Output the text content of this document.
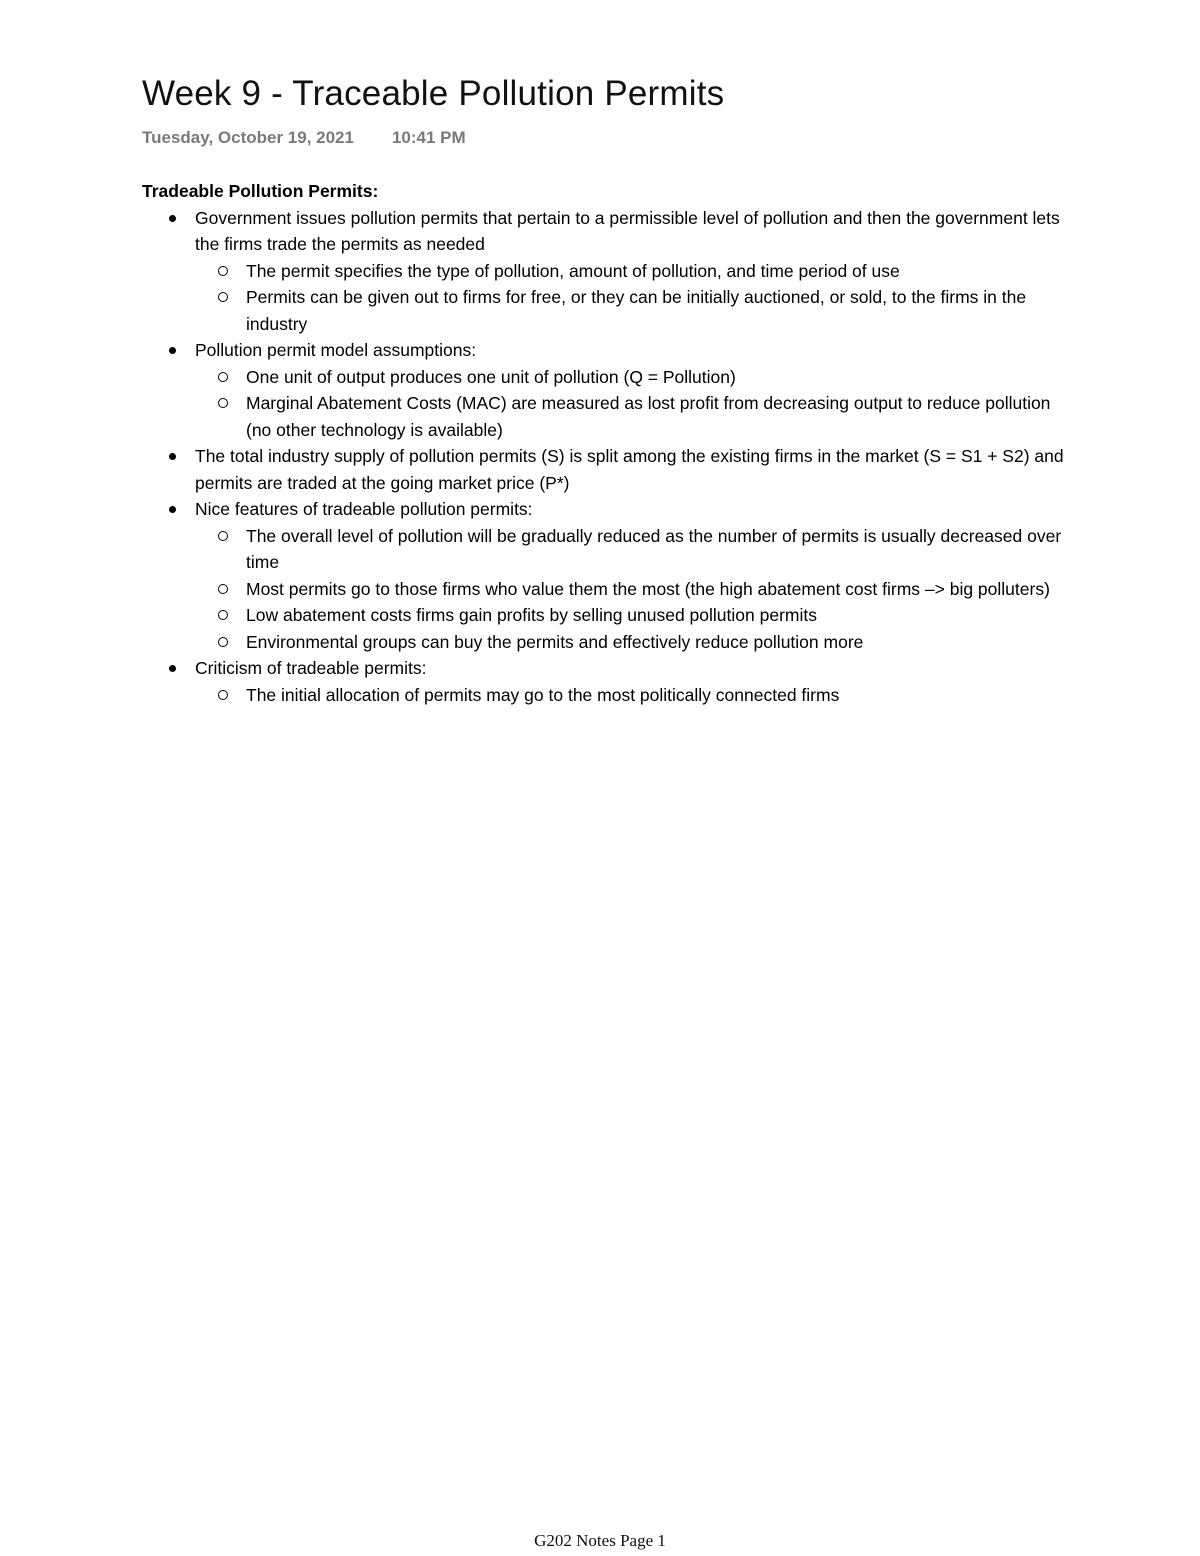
Week 9 - Traceable Pollution Permits
Tuesday, October 19, 2021 10:41 PM

Tradeable Pollution Permits:

Government issues pollution permits that pertain to a permissible level of pollution and then the government lets the firms trade the permits as needed
The permit specifies the type of pollution, amount of pollution, and time period of use
Permits can be given out to firms for free, or they can be initially auctioned, or sold, to the firms in the industry
Pollution permit model assumptions:
One unit of output produces one unit of pollution (Q = Pollution)
Marginal Abatement Costs (MAC) are measured as lost profit from decreasing output to reduce pollution (no other technology is available)
The total industry supply of pollution permits (S) is split among the existing firms in the market (S = S1 + S2) and permits are traded at the going market price (P*)
Nice features of tradeable pollution permits:
The overall level of pollution will be gradually reduced as the number of permits is usually decreased over time
Most permits go to those firms who value them the most (the high abatement cost firms –> big polluters)
Low abatement costs firms gain profits by selling unused pollution permits
Environmental groups can buy the permits and effectively reduce pollution more
Criticism of tradeable permits:
The initial allocation of permits may go to the most politically connected firms
G202 Notes Page 1
